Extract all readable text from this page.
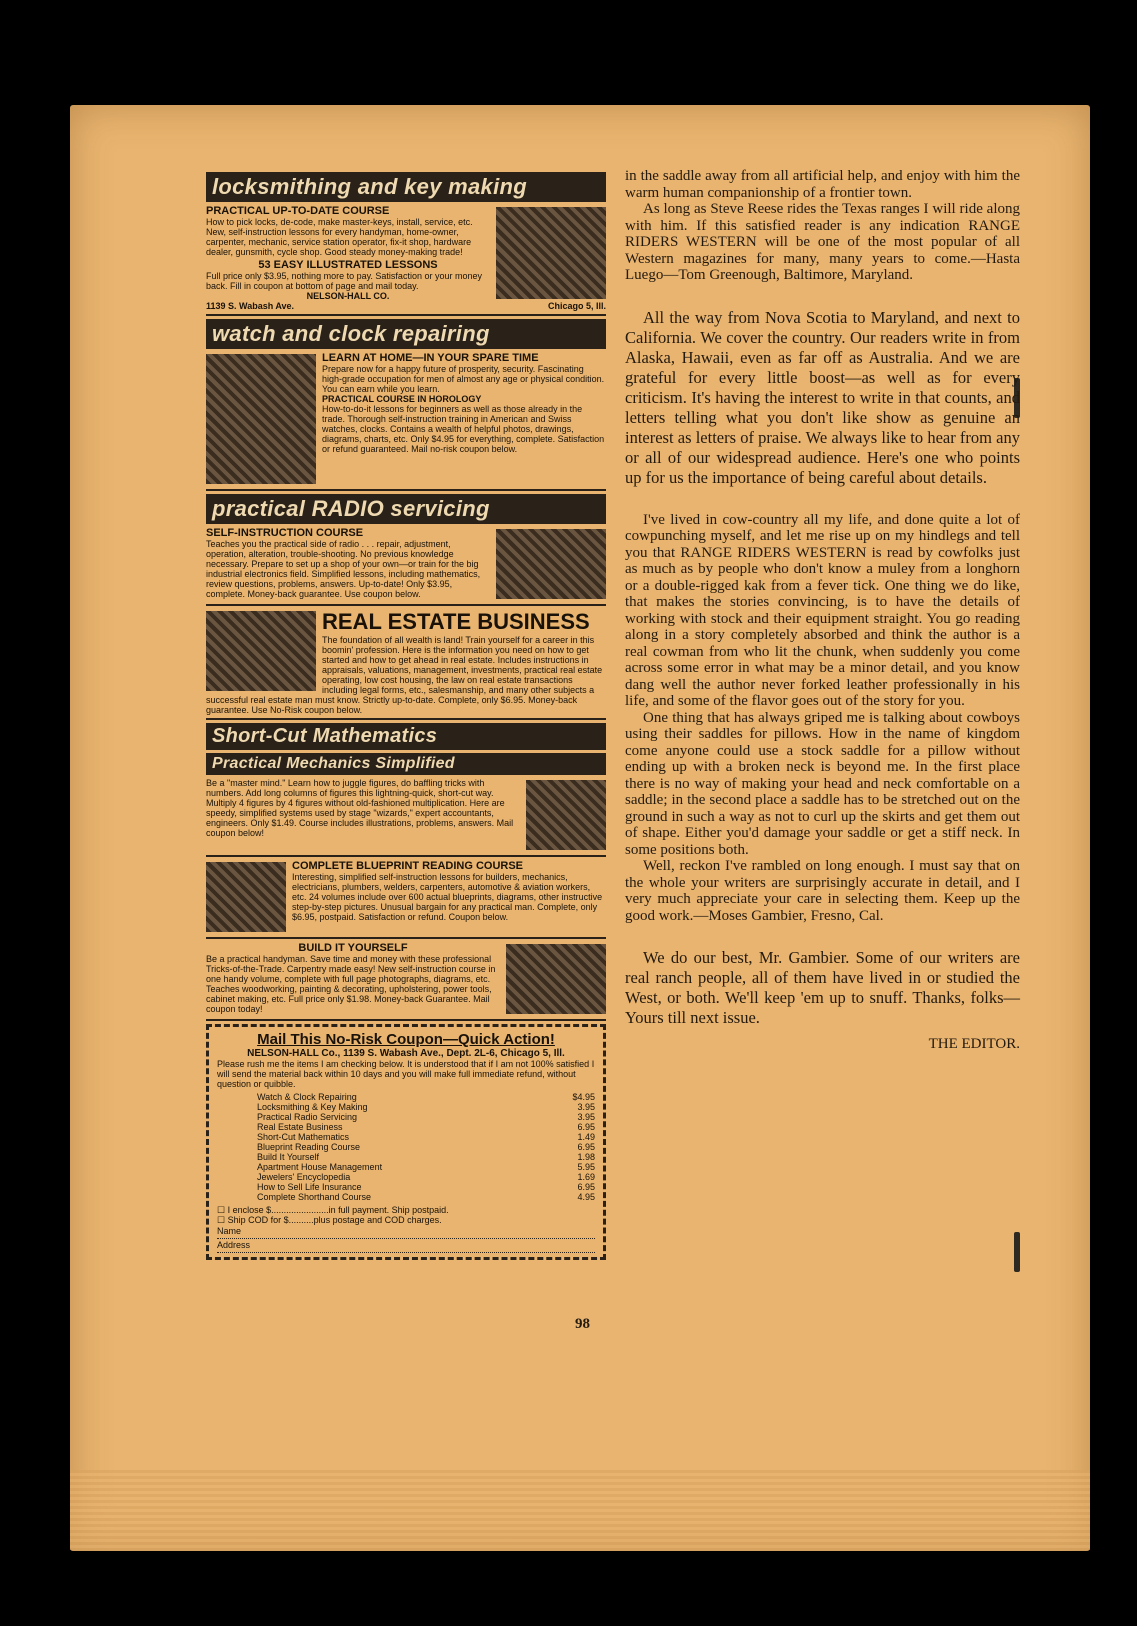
locksmithing and key making
PRACTICAL UP-TO-DATE COURSE
How to pick locks, de-code, make master-keys, install, service, etc. New, self-instruction lessons for every handyman, home-owner, carpenter, mechanic, service station operator, fix-it shop, hardware dealer, gunsmith, cycle shop. Good steady money-making trade!
53 EASY ILLUSTRATED LESSONS
Full price only $3.95, nothing more to pay. Satisfaction or your money back. Fill in coupon at bottom of page and mail today.
NELSON-HALL CO.
1139 S. Wabash Ave.	Chicago 5, Ill.
watch and clock repairing
LEARN AT HOME—IN YOUR SPARE TIME
Prepare now for a happy future of prosperity, security. Fascinating high-grade occupation for men of almost any age or physical condition. You can earn while you learn.
PRACTICAL COURSE IN HOROLOGY
How-to-do-it lessons for beginners as well as those already in the trade. Thorough self-instruction training in American and Swiss watches, clocks. Contains a wealth of helpful photos, drawings, diagrams, charts, etc. Only $4.95 for everything, complete. Satisfaction or refund guaranteed. Mail no-risk coupon below.
practical RADIO servicing
SELF-INSTRUCTION COURSE
Teaches you the practical side of radio . . . repair, adjustment, operation, alteration, trouble-shooting. No previous knowledge necessary. Prepare to set up a shop of your own—or train for the big industrial electronics field. Simplified lessons, including mathematics, review questions, problems, answers. Up-to-date! Only $3.95, complete. Money-back guarantee. Use coupon below.
REAL ESTATE BUSINESS
The foundation of all wealth is land! Train yourself for a career in this boomin' profession. Here is the information you need on how to get started and how to get ahead in real estate. Includes instructions in appraisals, valuations, management, investments, practical real estate operating, low cost housing, the law on real estate transactions including legal forms, etc., salesmanship, and many other subjects a successful real estate man must know. Strictly up-to-date. Complete, only $6.95. Money-back guarantee. Use No-Risk coupon below.
Short-Cut Mathematics
Practical Mechanics Simplified
Be a "master mind." Learn how to juggle figures, do baffling tricks with numbers. Add long columns of figures this lightning-quick, short-cut way. Multiply 4 figures by 4 figures without old-fashioned multiplication. Here are speedy, simplified systems used by stage "wizards," expert accountants, engineers. Only $1.49. Course includes illustrations, problems, answers. Mail coupon below!
COMPLETE BLUEPRINT READING COURSE
Interesting, simplified self-instruction lessons for builders, mechanics, electricians, plumbers, welders, carpenters, automotive & aviation workers, etc. 24 volumes include over 600 actual blueprints, diagrams, other instructive step-by-step pictures. Unusual bargain for any practical man. Complete, only $6.95, postpaid. Satisfaction or refund. Coupon below.
BUILD IT YOURSELF
Be a practical handyman. Save time and money with these professional Tricks-of-the-Trade. Carpentry made easy! New self-instruction course in one handy volume, complete with full page photographs, diagrams, etc. Teaches woodworking, painting & decorating, upholstering, power tools, cabinet making, etc. Full price only $1.98. Money-back Guarantee. Mail coupon today!
Mail This No-Risk Coupon—Quick Action!
NELSON-HALL Co., 1139 S. Wabash Ave., Dept. 2L-6, Chicago 5, Ill.
Please rush me the items I am checking below. It is understood that if I am not 100% satisfied I will send the material back within 10 days and you will make full immediate refund, without question or quibble.
Watch & Clock Repairing	$4.95
Locksmithing & Key Making	3.95
Practical Radio Servicing	3.95
Real Estate Business	6.95
Short-Cut Mathematics	1.49
Blueprint Reading Course	6.95
Build It Yourself	1.98
Apartment House Management	5.95
Jewelers' Encyclopedia	1.69
How to Sell Life Insurance	6.95
Complete Shorthand Course	4.95
☐ I enclose $.......................in full payment. Ship postpaid.
☐ Ship COD for $..........plus postage and COD charges.
Name
Address

in the saddle away from all artificial help, and enjoy with him the warm human companionship of a frontier town.

As long as Steve Reese rides the Texas ranges I will ride along with him. If this satisfied reader is any indication RANGE RIDERS WESTERN will be one of the most popular of all Western magazines for many, many years to come.—Hasta Luego—Tom Greenough, Baltimore, Maryland.

All the way from Nova Scotia to Maryland, and next to California. We cover the country. Our readers write in from Alaska, Hawaii, even as far off as Australia. And we are grateful for every little boost—as well as for every criticism. It's having the interest to write in that counts, and letters telling what you don't like show as genuine an interest as letters of praise. We always like to hear from any or all of our widespread audience. Here's one who points up for us the importance of being careful about details.

I've lived in cow-country all my life, and done quite a lot of cowpunching myself, and let me rise up on my hindlegs and tell you that RANGE RIDERS WESTERN is read by cowfolks just as much as by people who don't know a muley from a longhorn or a double-rigged kak from a fever tick. One thing we do like, that makes the stories convincing, is to have the details of working with stock and their equipment straight. You go reading along in a story completely absorbed and think the author is a real cowman from who lit the chunk, when suddenly you come across some error in what may be a minor detail, and you know dang well the author never forked leather professionally in his life, and some of the flavor goes out of the story for you.

One thing that has always griped me is talking about cowboys using their saddles for pillows. How in the name of kingdom come anyone could use a stock saddle for a pillow without ending up with a broken neck is beyond me. In the first place there is no way of making your head and neck comfortable on a saddle; in the second place a saddle has to be stretched out on the ground in such a way as not to curl up the skirts and get them out of shape. Either you'd damage your saddle or get a stiff neck. In some positions both.

Well, reckon I've rambled on long enough. I must say that on the whole your writers are surprisingly accurate in detail, and I very much appreciate your care in selecting them. Keep up the good work.—Moses Gambier, Fresno, Cal.

We do our best, Mr. Gambier. Some of our writers are real ranch people, all of them have lived in or studied the West, or both. We'll keep 'em up to snuff. Thanks, folks—Yours till next issue.

THE EDITOR.

98
